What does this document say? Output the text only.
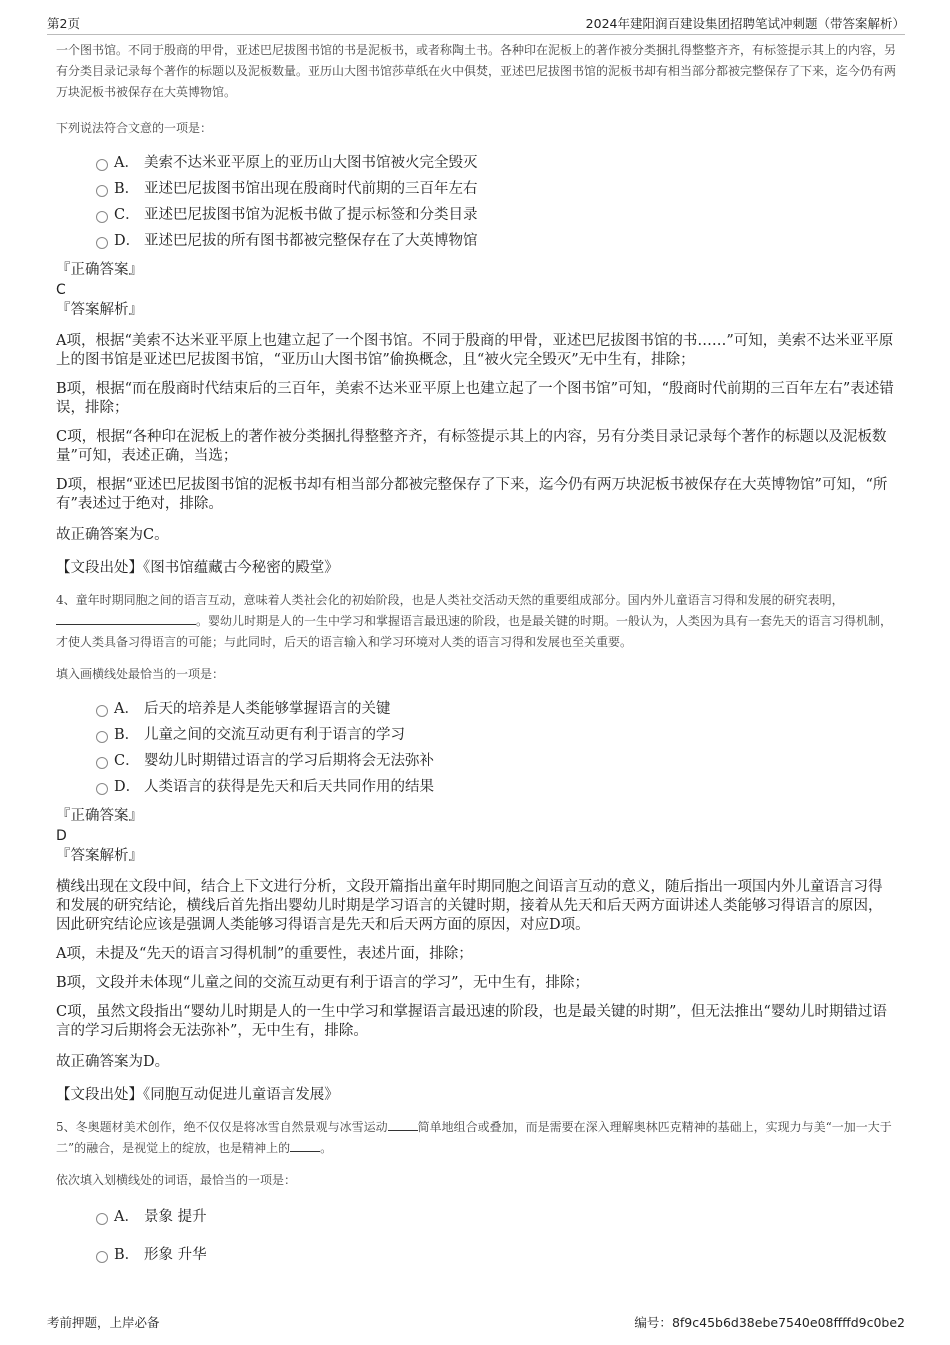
第2页	2024年建阳润百建设集团招聘笔试冲刺题（带答案解析）

一个图书馆。不同于殷商的甲骨，亚述巴尼拔图书馆的书是泥板书，或者称陶土书。各种印在泥板上的著作被分类捆扎得整整齐齐，有标签提示其上的内容，另有分类目录记录每个著作的标题以及泥板数量。亚历山大图书馆莎草纸在火中俱焚，亚述巴尼拔图书馆的泥板书却有相当部分都被完整保存了下来，迄今仍有两万块泥板书被保存在大英博物馆。

下列说法符合文意的一项是：

A． 美索不达米亚平原上的亚历山大图书馆被火完全毁灭
B． 亚述巴尼拔图书馆出现在殷商时代前期的三百年左右
C． 亚述巴尼拔图书馆为泥板书做了提示标签和分类目录
D． 亚述巴尼拔的所有图书都被完整保存在了大英博物馆

『正确答案』

C

『答案解析』

A项，根据“美索不达米亚平原上也建立起了一个图书馆。不同于殷商的甲骨，亚述巴尼拔图书馆的书……”可知，美索不达米亚平原上的图书馆是亚述巴尼拔图书馆，“亚历山大图书馆”偷换概念，且“被火完全毁灭”无中生有，排除；

B项，根据“而在殷商时代结束后的三百年，美索不达米亚平原上也建立起了一个图书馆”可知，“殷商时代前期的三百年左右”表述错误，排除；

C项，根据“各种印在泥板上的著作被分类捆扎得整整齐齐，有标签提示其上的内容，另有分类目录记录每个著作的标题以及泥板数量”可知，表述正确，当选；

D项，根据“亚述巴尼拔图书馆的泥板书却有相当部分都被完整保存了下来，迄今仍有两万块泥板书被保存在大英博物馆”可知，“所有”表述过于绝对，排除。

故正确答案为C。

【文段出处】《图书馆蕴藏古今秘密的殿堂》

4、童年时期同胞之间的语言互动，意味着人类社会化的初始阶段，也是人类社交活动天然的重要组成部分。国内外儿童语言习得和发展的研究表明，。婴幼儿时期是人的一生中学习和掌握语言最迅速的阶段，也是最关键的时期。一般认为，人类因为具有一套先天的语言习得机制，才使人类具备习得语言的可能；与此同时，后天的语言输入和学习环境对人类的语言习得和发展也至关重要。

填入画横线处最恰当的一项是：

A． 后天的培养是人类能够掌握语言的关键
B． 儿童之间的交流互动更有利于语言的学习
C． 婴幼儿时期错过语言的学习后期将会无法弥补
D． 人类语言的获得是先天和后天共同作用的结果

『正确答案』

D

『答案解析』

横线出现在文段中间，结合上下文进行分析，文段开篇指出童年时期同胞之间语言互动的意义，随后指出一项国内外儿童语言习得和发展的研究结论，横线后首先指出婴幼儿时期是学习语言的关键时期，接着从先天和后天两方面讲述人类能够习得语言的原因，因此研究结论应该是强调人类能够习得语言是先天和后天两方面的原因，对应D项。

A项，未提及“先天的语言习得机制”的重要性，表述片面，排除；

B项，文段并未体现“儿童之间的交流互动更有利于语言的学习”，无中生有，排除；

C项，虽然文段指出“婴幼儿时期是人的一生中学习和掌握语言最迅速的阶段，也是最关键的时期”，但无法推出“婴幼儿时期错过语言的学习后期将会无法弥补”，无中生有，排除。

故正确答案为D。

【文段出处】《同胞互动促进儿童语言发展》

5、冬奥题材美术创作，绝不仅仅是将冰雪自然景观与冰雪运动	简单地组合或叠加，而是需要在深入理解奥林匹克精神的基础上，实现力与美“一加一大于二”的融合，是视觉上的绽放，也是精神上的	。

依次填入划横线处的词语，最恰当的一项是：

A． 景象 提升
B． 形象 升华
考前押题，上岸必备	编号：8f9c45b6d38ebe7540e08ffffd9c0be2
